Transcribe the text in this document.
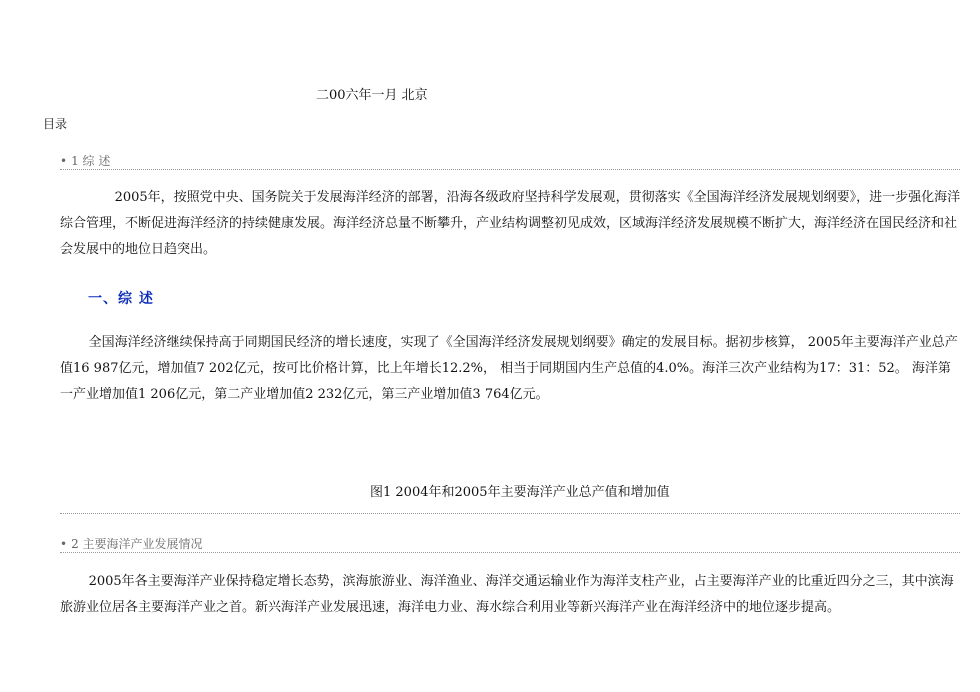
二00六年一月 北京
目录
• 1 综 述
2005年，按照党中央、国务院关于发展海洋经济的部署，沿海各级政府坚持科学发展观，贯彻落实《全国海洋经济发展规划纲要》，进一步强化海洋综合管理，不断促进海洋经济的持续健康发展。海洋经济总量不断攀升，产业结构调整初见成效，区域海洋经济发展规模不断扩大，海洋经济在国民经济和社会发展中的地位日趋突出。
一、综 述
全国海洋经济继续保持高于同期国民经济的增长速度，实现了《全国海洋经济发展规划纲要》确定的发展目标。据初步核算， 2005年主要海洋产业总产值16 987亿元，增加值7 202亿元，按可比价格计算，比上年增长12.2%， 相当于同期国内生产总值的4.0%。海洋三次产业结构为17：31：52。 海洋第一产业增加值1 206亿元，第二产业增加值2 232亿元，第三产业增加值3 764亿元。
图1 2004年和2005年主要海洋产业总产值和增加值
• 2 主要海洋产业发展情况
2005年各主要海洋产业保持稳定增长态势，滨海旅游业、海洋渔业、海洋交通运输业作为海洋支柱产业，占主要海洋产业的比重近四分之三，其中滨海旅游业位居各主要海洋产业之首。新兴海洋产业发展迅速，海洋电力业、海水综合利用业等新兴海洋产业在海洋经济中的地位逐步提高。
